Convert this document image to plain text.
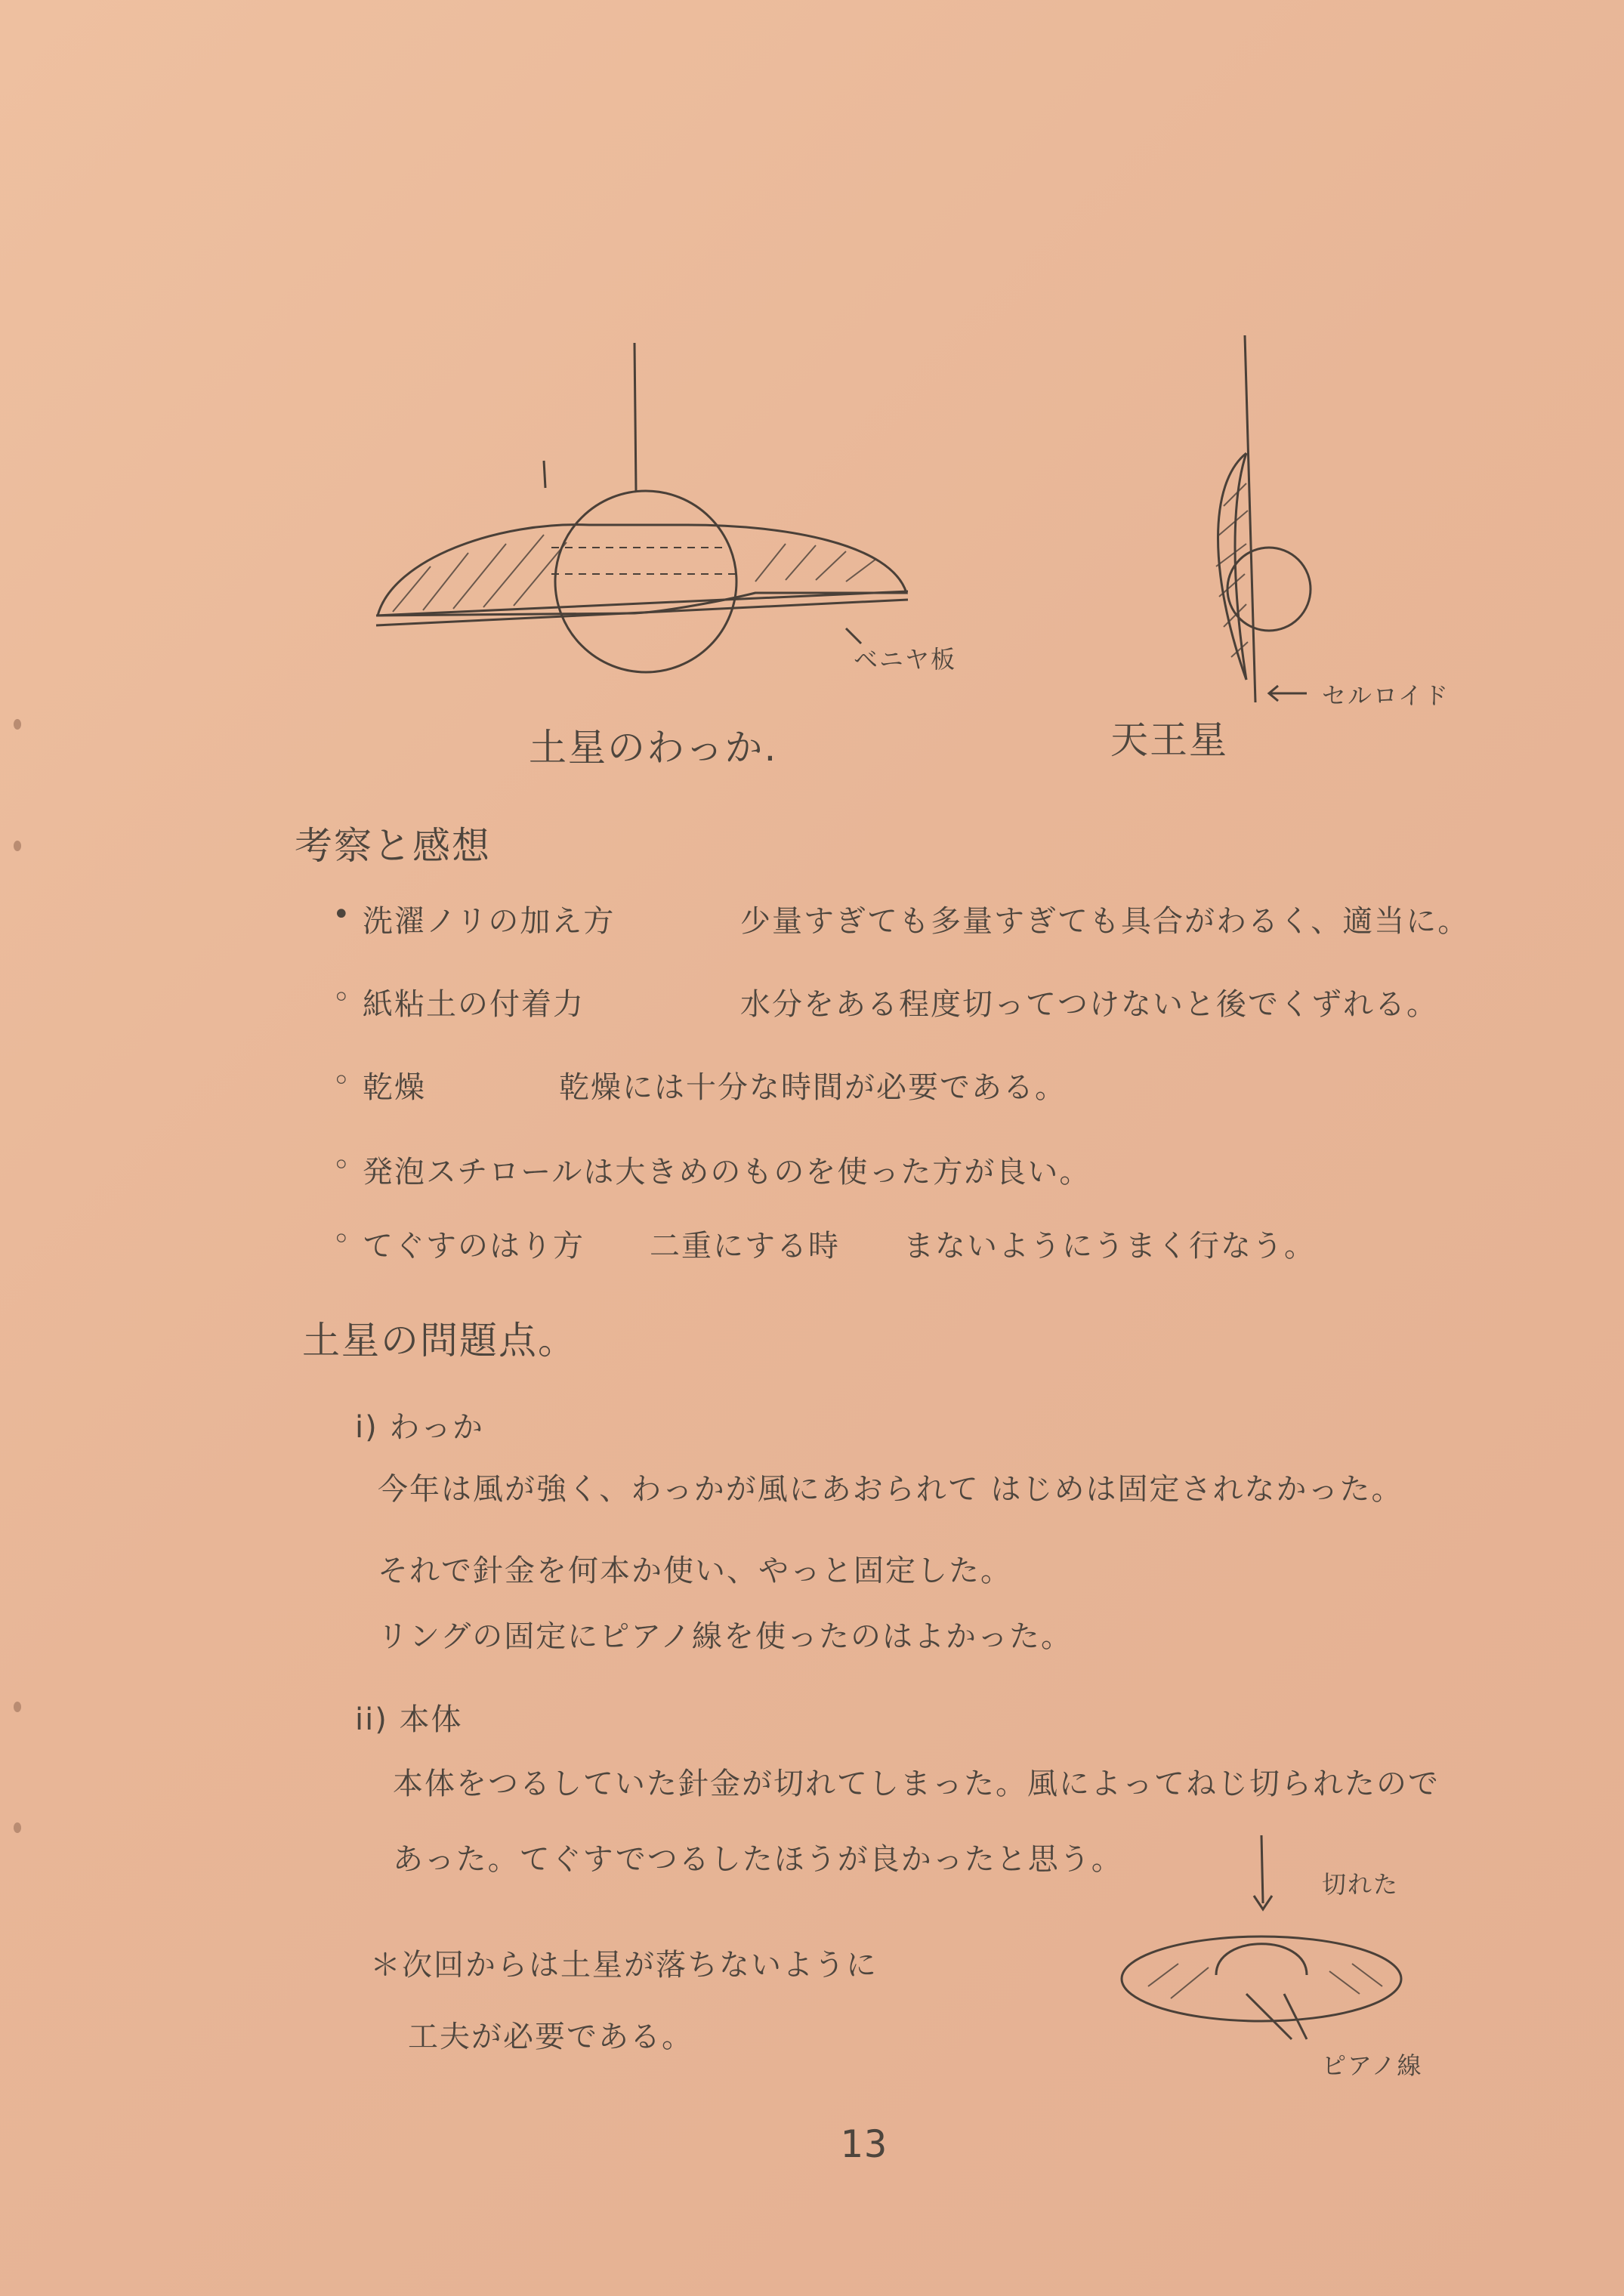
ベニヤ板
土星のわっか.
セルロイド
天王星
考察と感想
• 洗濯ノリの加え方	少量すぎても多量すぎても具合がわるく、適当に。
◦ 紙粘土の付着力	水分をある程度切ってつけないと後でくずれる。
◦ 乾燥	乾燥には十分な時間が必要である。
◦ 発泡スチロールは大きめのものを使った方が良い。
◦ てぐすのはり方 二重にする時　　まないようにうまく行なう。
土星の問題点。
i) わっか
今年は風が強く、わっかが風にあおられて はじめは固定されなかった。
それで針金を何本か使い、やっと固定した。
リングの固定にピアノ線を使ったのはよかった。
ii) 本体
本体をつるしていた針金が切れてしまった。風によってねじ切られたので
あった。てぐすでつるしたほうが良かったと思う。
＊次回からは土星が落ちないように
工夫が必要である。
切れた
ピアノ線
13
